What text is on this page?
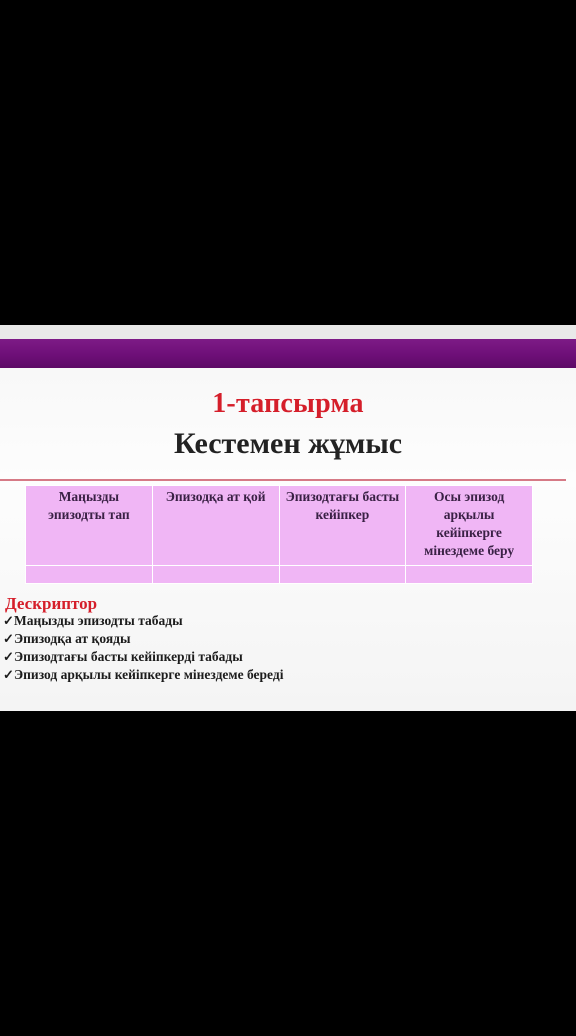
1-тапсырма
Кестемен жұмыс
Маңызды эпизодты тап	Эпизодқа ат қой	Эпизодтағы басты кейіпкер	Осы эпизод арқылы кейіпкерге мінездеме беру

Дескриптор
✓Маңызды эпизодты табады
✓Эпизодқа ат қояды
✓Эпизодтағы басты кейіпкерді табады
✓Эпизод арқылы кейіпкерге мінездеме береді
